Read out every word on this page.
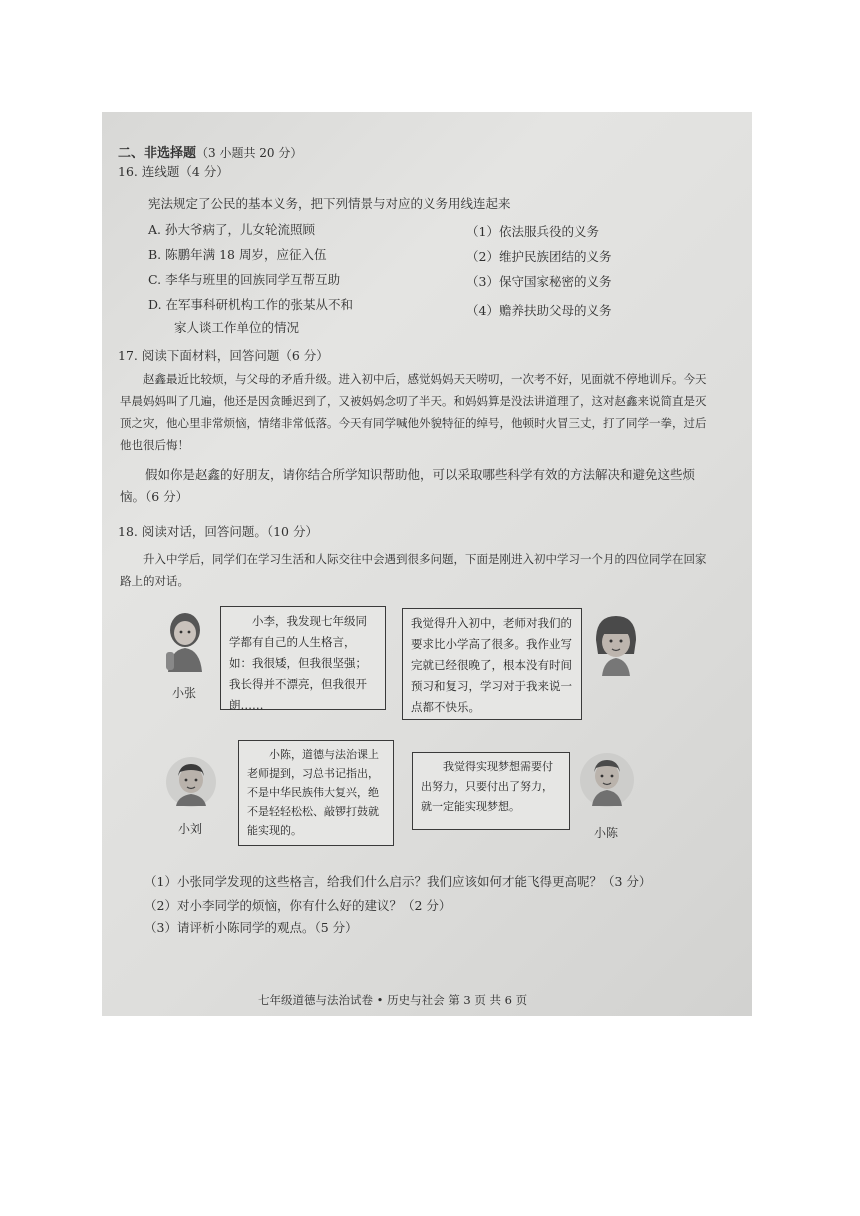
二、非选择题（3 小题共 20 分）
16. 连线题（4 分）
宪法规定了公民的基本义务，把下列情景与对应的义务用线连起来
A. 孙大爷病了，儿女轮流照顾
B. 陈鹏年满 18 周岁，应征入伍
C. 李华与班里的回族同学互帮互助
D. 在军事科研机构工作的张某从不和
家人谈工作单位的情况
（1）依法服兵役的义务
（2）维护民族团结的义务
（3）保守国家秘密的义务
（4）赡养扶助父母的义务
17. 阅读下面材料，回答问题（6 分）
赵鑫最近比较烦，与父母的矛盾升级。进入初中后，感觉妈妈天天唠叨，一次考不好，见面就不停地训斥。今天早晨妈妈叫了几遍，他还是因贪睡迟到了，又被妈妈念叨了半天。和妈妈算是没法讲道理了，这对赵鑫来说简直是灭顶之灾，他心里非常烦恼，情绪非常低落。今天有同学喊他外貌特征的绰号，他顿时火冒三丈，打了同学一拳，过后他也很后悔！
假如你是赵鑫的好朋友，请你结合所学知识帮助他，可以采取哪些科学有效的方法解决和避免这些烦恼。（6 分）
18. 阅读对话，回答问题。（10 分）
升入中学后，同学们在学习生活和人际交往中会遇到很多问题，下面是刚进入初中学习一个月的四位同学在回家路上的对话。
小张
小李，我发现七年级同学都有自己的人生格言，如：我很矮，但我很坚强；我长得并不漂亮，但我很开朗……
我觉得升入初中，老师对我们的要求比小学高了很多。我作业写完就已经很晚了，根本没有时间预习和复习，学习对于我来说一点都不快乐。
小刘
小陈，道德与法治课上老师提到，习总书记指出，不是中华民族伟大复兴，绝不是轻轻松松、敲锣打鼓就能实现的。
我觉得实现梦想需要付出努力，只要付出了努力，就一定能实现梦想。
小陈
（1）小张同学发现的这些格言，给我们什么启示？我们应该如何才能飞得更高呢？（3 分）
（2）对小李同学的烦恼，你有什么好的建议？（2 分）
（3）请评析小陈同学的观点。（5 分）
七年级道德与法治试卷 • 历史与社会 第 3 页 共 6 页
